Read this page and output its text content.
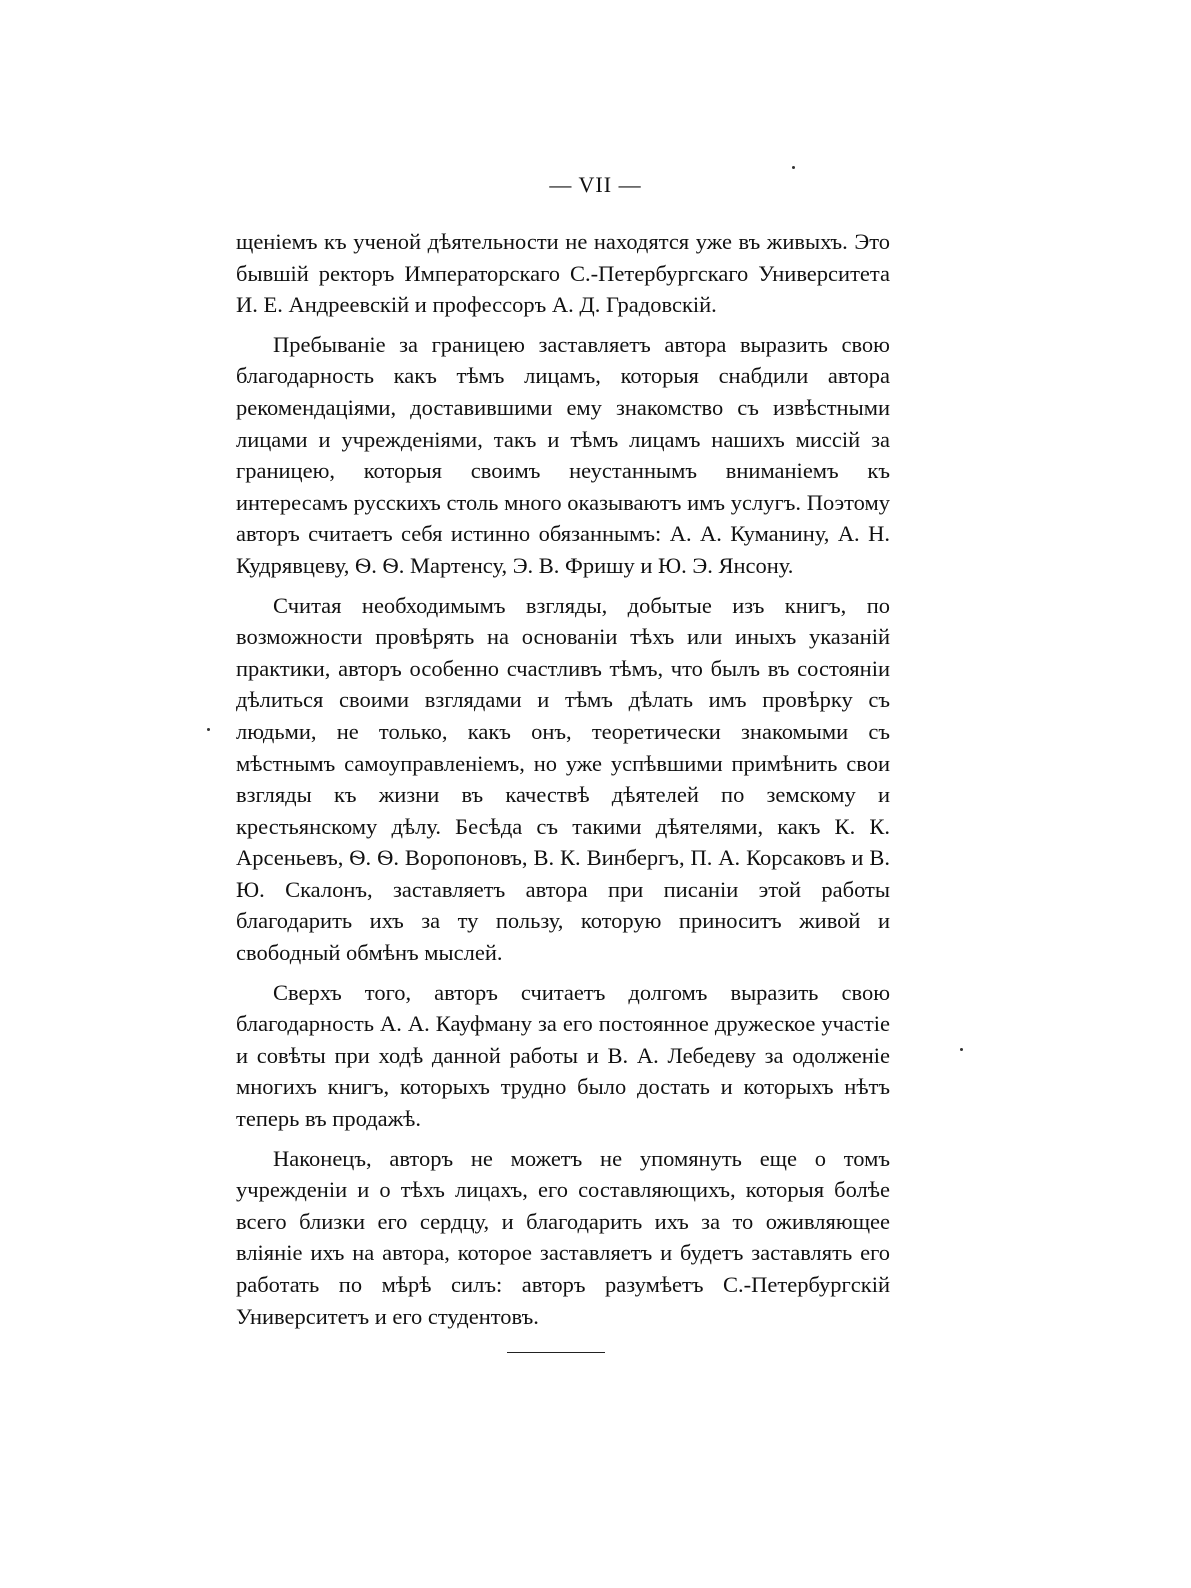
— VII —

щеніемъ къ ученой дѣятельности не находятся уже въ живыхъ. Это бывшій ректоръ Императорскаго С.-Петербургскаго Университета И. Е. Андреевскій и профессоръ А. Д. Градовскій.

Пребываніе за границею заставляетъ автора выразить свою благодарность какъ тѣмъ лицамъ, которыя снабдили автора рекомендаціями, доставившими ему знакомство съ извѣстными лицами и учрежденіями, такъ и тѣмъ лицамъ нашихъ миссій за границею, которыя своимъ неустаннымъ вниманіемъ къ интересамъ русскихъ столь много оказываютъ имъ услугъ. Поэтому авторъ считаетъ себя истинно обязаннымъ: А. А. Куманину, А. Н. Кудрявцеву, Ѳ. Ѳ. Мартенсу, Э. В. Фришу и Ю. Э. Янсону.

Считая необходимымъ взгляды, добытые изъ книгъ, по возможности провѣрять на основаніи тѣхъ или иныхъ указаній практики, авторъ особенно счастливъ тѣмъ, что былъ въ состояніи дѣлиться своими взглядами и тѣмъ дѣлать имъ провѣрку съ людьми, не только, какъ онъ, теоретически знакомыми съ мѣстнымъ самоуправленіемъ, но уже успѣвшими примѣнить свои взгляды къ жизни въ качествѣ дѣятелей по земскому и крестьянскому дѣлу. Бесѣда съ такими дѣятелями, какъ К. К. Арсеньевъ, Ѳ. Ѳ. Воропоновъ, В. К. Винбергъ, П. А. Корсаковъ и В. Ю. Скалонъ, заставляетъ автора при писаніи этой работы благодарить ихъ за ту пользу, которую приноситъ живой и свободный обмѣнъ мыслей.

Сверхъ того, авторъ считаетъ долгомъ выразить свою благодарность А. А. Кауфману за его постоянное дружеское участіе и совѣты при ходѣ данной работы и В. А. Лебедеву за одолженіе многихъ книгъ, которыхъ трудно было достать и которыхъ нѣтъ теперь въ продажѣ.

Наконецъ, авторъ не можетъ не упомянуть еще о томъ учрежденіи и о тѣхъ лицахъ, его составляющихъ, которыя болѣе всего близки его сердцу, и благодарить ихъ за то оживляющее вліяніе ихъ на автора, которое заставляетъ и будетъ заставлять его работать по мѣрѣ силъ: авторъ разумѣетъ С.-Петербургскій Университетъ и его студентовъ.
